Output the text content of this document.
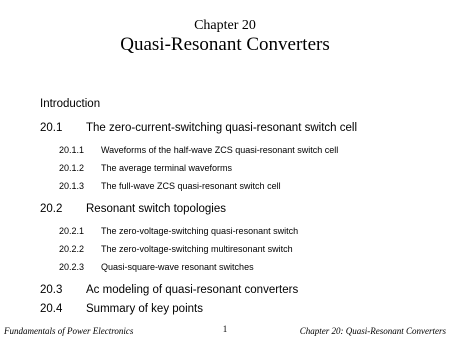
Chapter 20
Quasi-Resonant Converters
Introduction
20.1 The zero-current-switching quasi-resonant switch cell
20.1.1 Waveforms of the half-wave ZCS quasi-resonant switch cell
20.1.2 The average terminal waveforms
20.1.3 The full-wave ZCS quasi-resonant switch cell
20.2 Resonant switch topologies
20.2.1 The zero-voltage-switching quasi-resonant switch
20.2.2 The zero-voltage-switching multiresonant switch
20.2.3 Quasi-square-wave resonant switches
20.3 Ac modeling of quasi-resonant converters
20.4 Summary of key points
Fundamentals of Power Electronics	1	Chapter 20: Quasi-Resonant Converters
